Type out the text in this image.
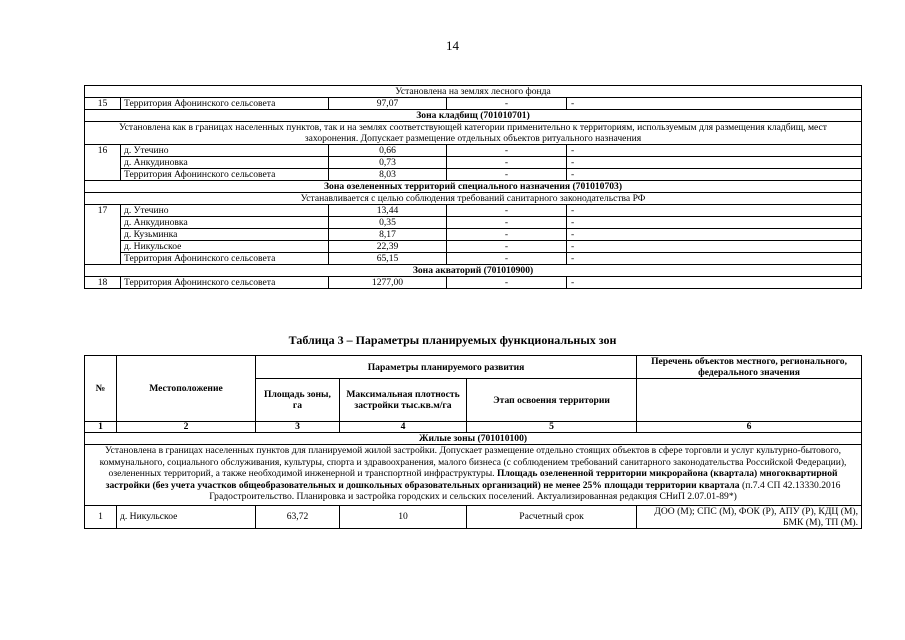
14
Установлена на землях лесного фонда				
15	Территория Афонинского сельсовета	97,07	-	-
Зона кладбищ (701010701)				
Установлена как в границах населенных пунктов, так и на землях соответствующей категории применительно к территориям, используемым для размещения кладбищ, мест захоронения. Допускает размещение отдельных объектов ритуального назначения				
16	д. Утечино	0,66	-	-
	д. Анкудиновка	0,73	-	-
	Территория Афонинского сельсовета	8,03	-	-
Зона озелененных территорий специального назначения (701010703)				
Устанавливается с целью соблюдения требований санитарного законодательства РФ				
17	д. Утечино	13,44	-	-
	д. Анкудиновка	0,35	-	-
	д. Кузьминка	8,17	-	-
	д. Никульское	22,39	-	-
	Территория Афонинского сельсовета	65,15	-	-
Зона акваторий (701010900)				
18	Территория Афонинского сельсовета	1277,00	-	-
Таблица 3 – Параметры планируемых функциональных зон
№	Местоположение	Параметры планируемого развития			Перечень объектов местного, регионального, федерального значения
		Площадь зоны, га	Максимальная плотность застройки тыс.кв.м/га	Этап освоения территории	
1	2	3	4	5	6
Жилые зоны (701010100)					
Установлена в границах населенных пунктов для планируемой жилой застройки. Допускает размещение отдельно стоящих объектов в сфере торговли и услуг культурно-бытового, коммунального, социального обслуживания, культуры, спорта и здравоохранения, малого бизнеса (с соблюдением требований санитарного законодательства Российской Федерации), озелененных территорий, а также необходимой инженерной и транспортной инфраструктуры. Площадь озелененной территории микрорайона (квартала) многоквартирной застройки (без учета участков общеобразовательных и дошкольных образовательных организаций) не менее 25% площади территории квартала (п.7.4 СП 42.13330.2016 Градостроительство. Планировка и застройка городских и сельских поселений. Актуализированная редакция СНиП 2.07.01-89*)					
1	д. Никульское	63,72	10	Расчетный срок	ДОО (М); СПС (М), ФОК (Р), АПУ (Р), КДЦ (М), БМК (М), ТП (М).
